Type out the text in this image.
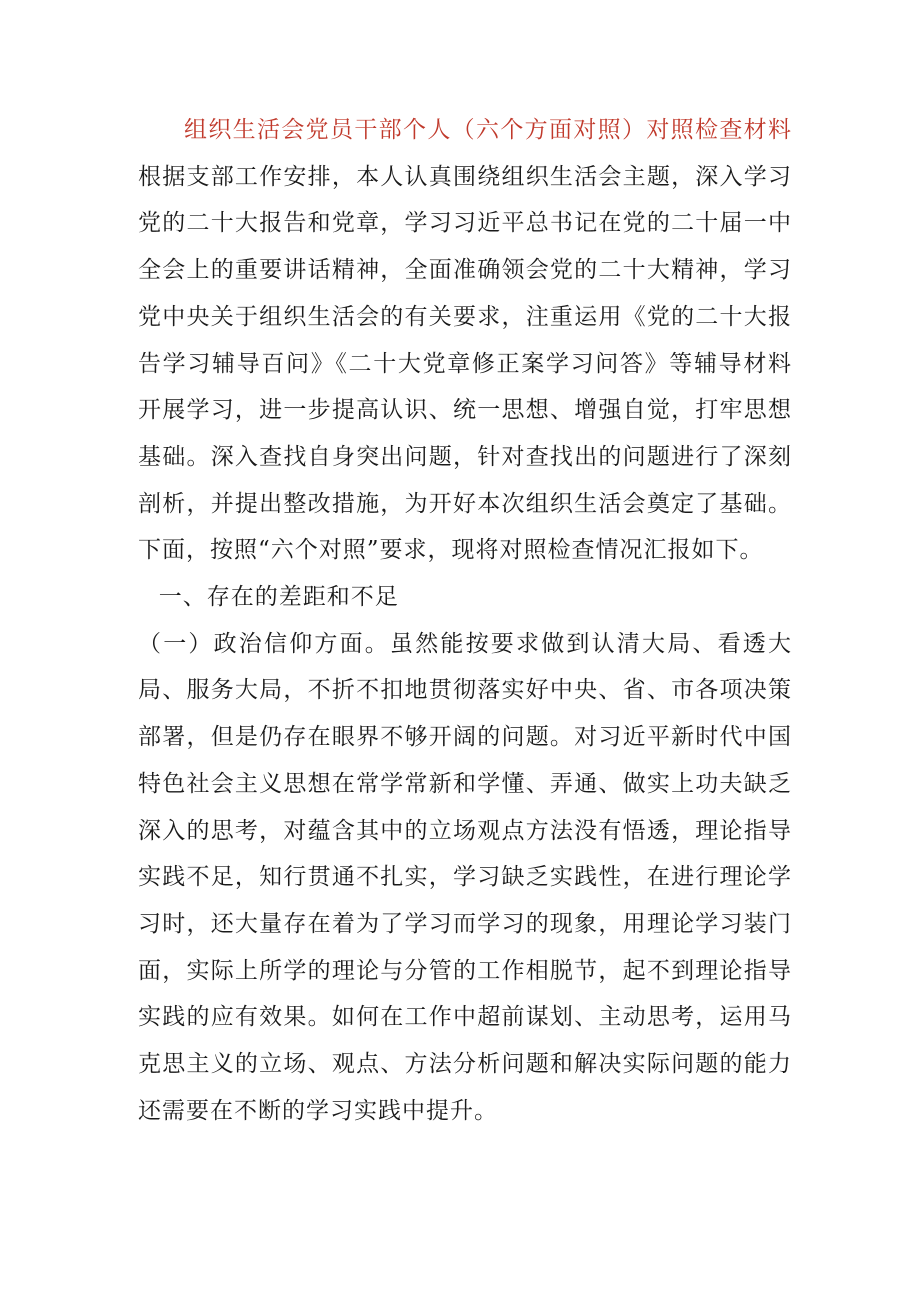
组织生活会党员干部个人（六个方面对照）对照检查材料根据支部工作安排，本人认真围绕组织生活会主题，深入学习党的二十大报告和党章，学习习近平总书记在党的二十届一中全会上的重要讲话精神，全面准确领会党的二十大精神，学习党中央关于组织生活会的有关要求，注重运用《党的二十大报告学习辅导百问》《二十大党章修正案学习问答》等辅导材料开展学习，进一步提高认识、统一思想、增强自觉，打牢思想基础。深入查找自身突出问题，针对查找出的问题进行了深刻剖析，并提出整改措施，为开好本次组织生活会奠定了基础。下面，按照“六个对照”要求，现将对照检查情况汇报如下。

一、存在的差距和不足

（一）政治信仰方面。虽然能按要求做到认清大局、看透大局、服务大局，不折不扣地贯彻落实好中央、省、市各项决策部署，但是仍存在眼界不够开阔的问题。对习近平新时代中国特色社会主义思想在常学常新和学懂、弄通、做实上功夫缺乏深入的思考，对蕴含其中的立场观点方法没有悟透，理论指导实践不足，知行贯通不扎实，学习缺乏实践性，在进行理论学习时，还大量存在着为了学习而学习的现象，用理论学习装门面，实际上所学的理论与分管的工作相脱节，起不到理论指导实践的应有效果。如何在工作中超前谋划、主动思考，运用马克思主义的立场、观点、方法分析问题和解决实际问题的能力还需要在不断的学习实践中提升。
